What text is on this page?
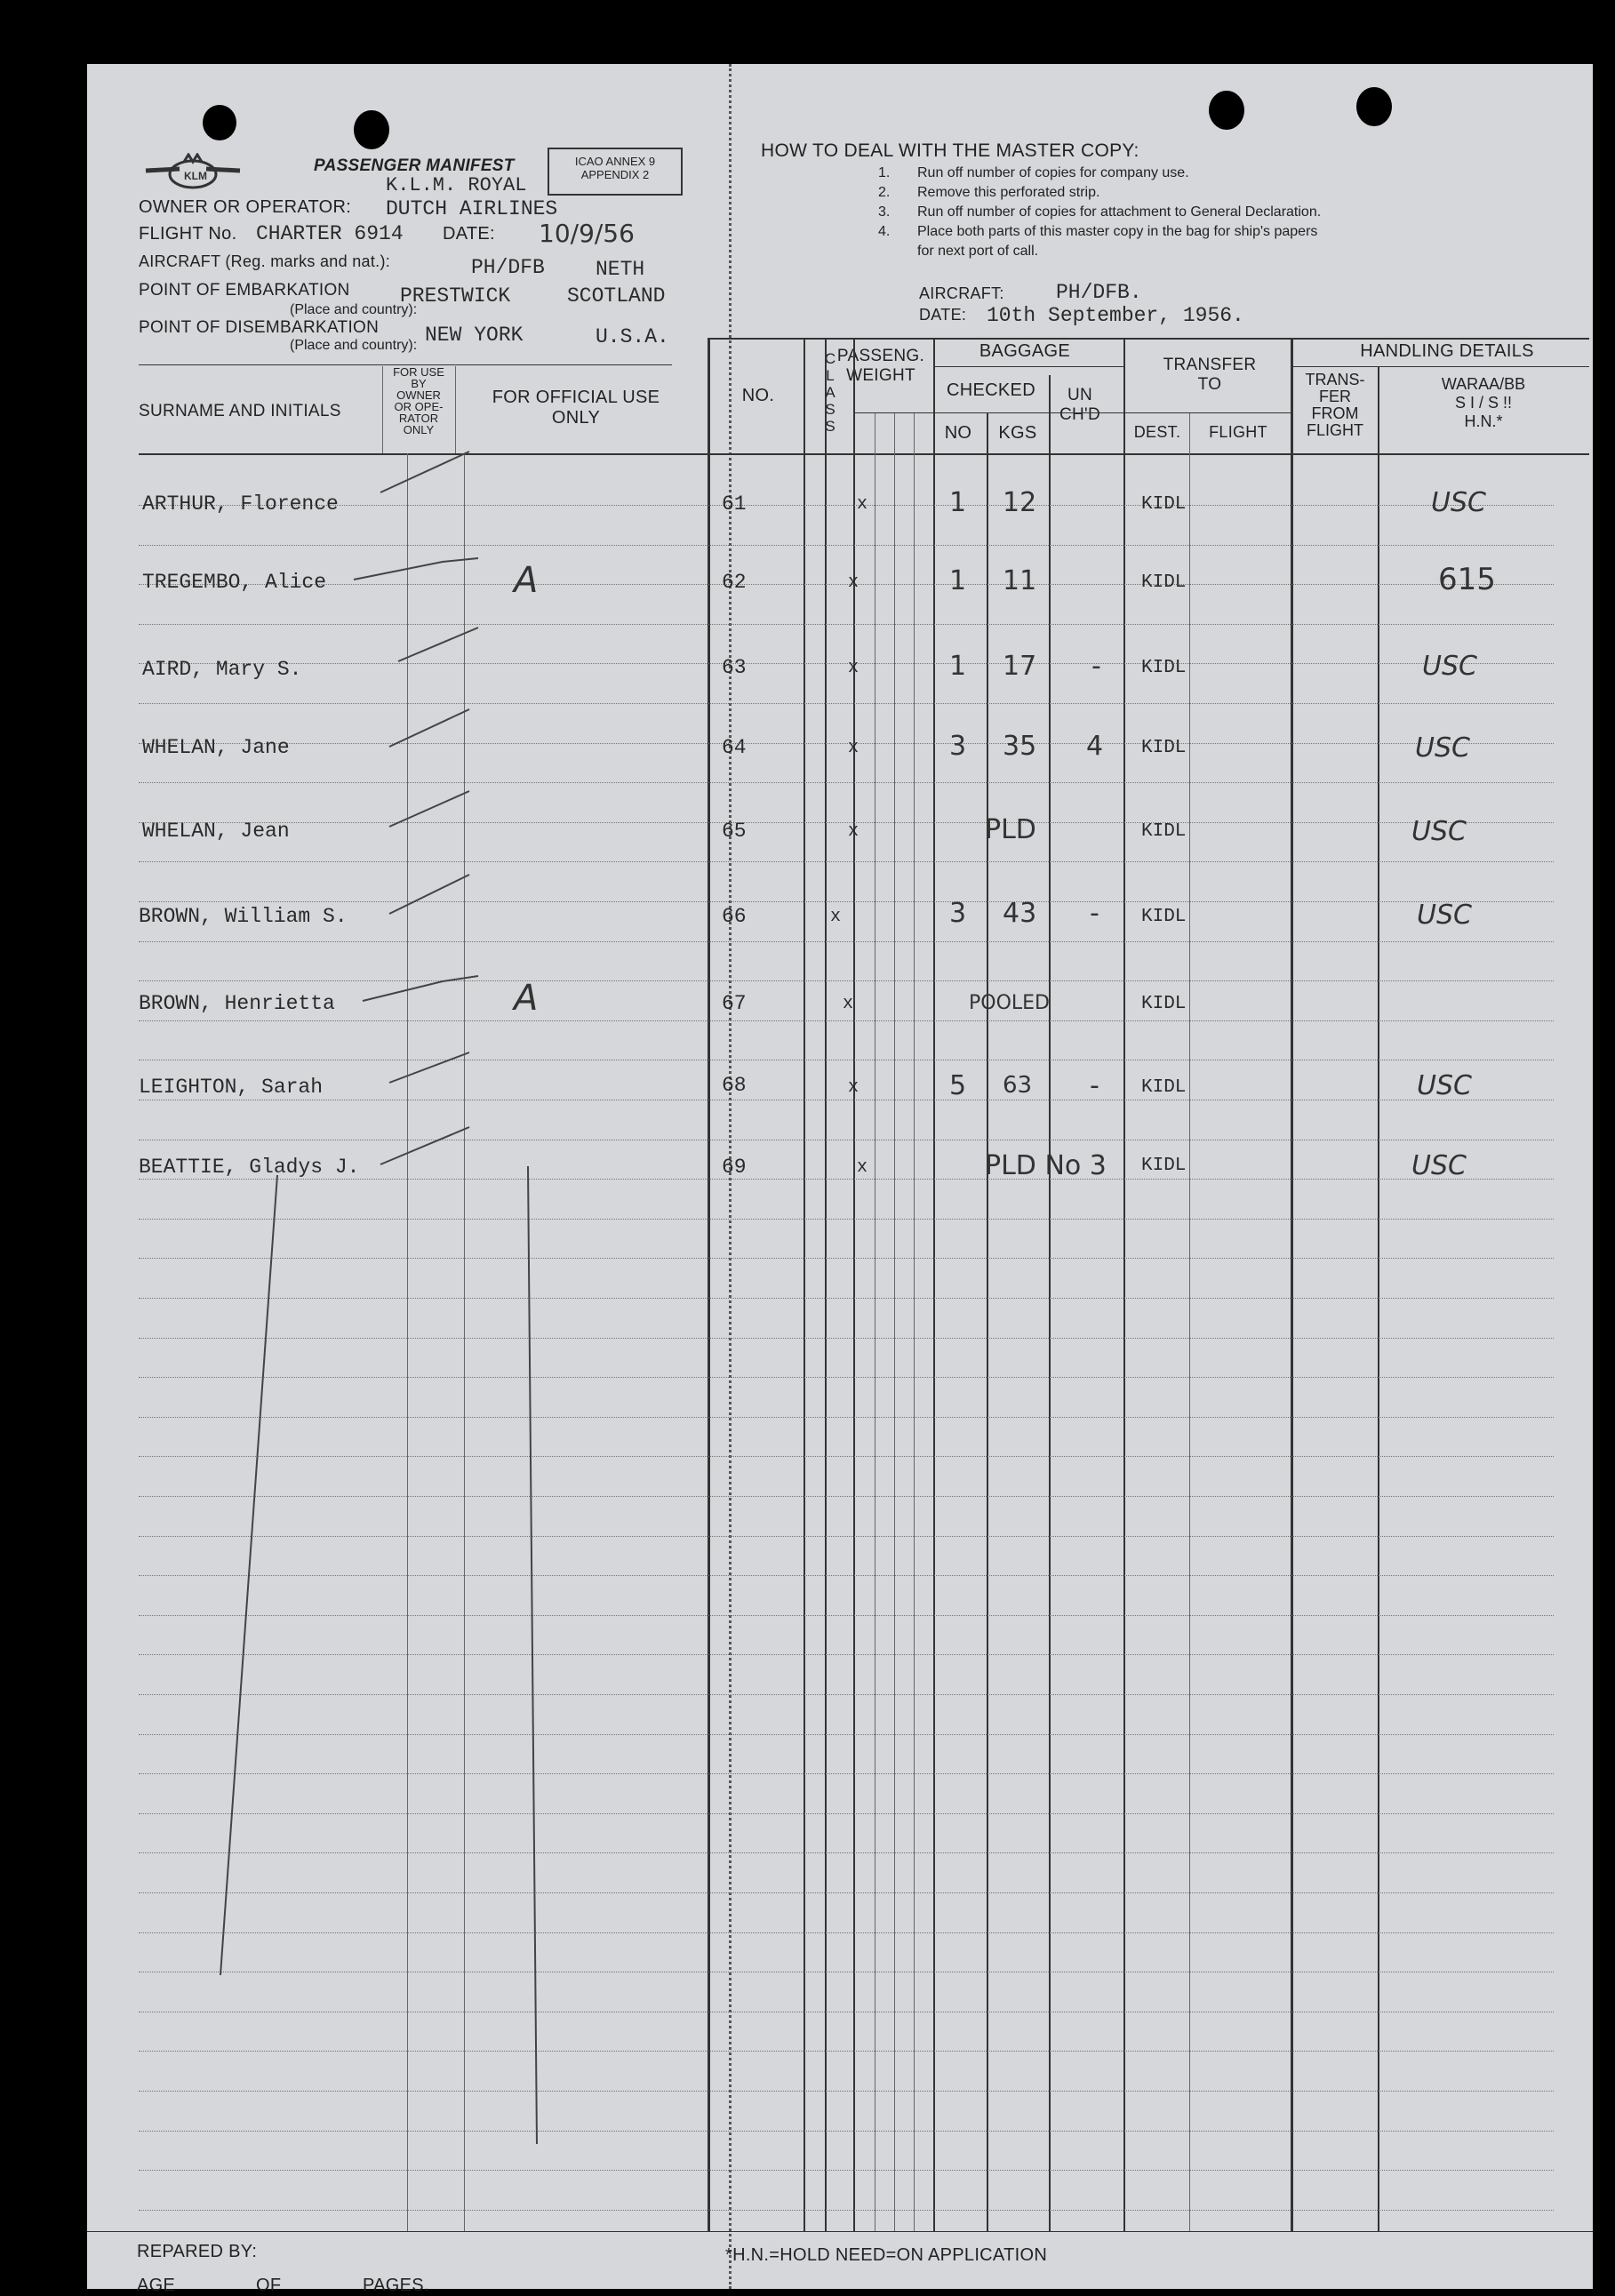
KLM
PASSENGER MANIFEST	ICAO ANNEX 9
APPENDIX 2
K.L.M. ROYAL
OWNER OR OPERATOR: DUTCH AIRLINES
FLIGHT No. CHARTER 6914 DATE: 10/9/56
AIRCRAFT (Reg. marks and nat.):	PH/DFB NETH
POINT OF EMBARKATION
(Place and country):
PRESTWICK	SCOTLAND
POINT OF DISEMBARKATION
(Place and country): NEW YORK	U.S.A.
HOW TO DEAL WITH THE MASTER COPY:
1. Run off number of copies for company use.
2. Remove this perforated strip.
3. Run off number of copies for attachment to General Declaration.
4. Place both parts of this master copy in the bag for ship's papers
for next port of call.
AIRCRAFT:	PH/DFB.
DATE: 10th September, 1956.
SURNAME AND INITIALS
FOR USE
BY
OWNER
OR OPE-
RATOR
ONLY
FOR OFFICIAL USE
ONLY
NO.
CLASS
PASSENG.
WEIGHT
BAGGAGE
CHECKED	UN
CH'D
NO	KGS
TRANSFER
TO
DEST.	FLIGHT
HANDLING DETAILS
TRANS-
FER
FROM
FLIGHT
WARAA/BB
S I / S !!
H.N.*
ARTHUR, Florence	61	x	1 12	KIDL	USC
TREGEMBO, Alice	A	62	x	1 11	KIDL	615
AIRD, Mary S.	63	x	1 17 - KIDL	USC
WHELAN, Jane	64	x	3 35 4 KIDL	USC
WHELAN, Jean	65	x	PLD	KIDL	USC
BROWN, William S.	66	x	3 43 - KIDL	USC
BROWN, Henrietta	A	67	x	POOLED	KIDL
LEIGHTON, Sarah	68	x	5 63 - KIDL	USC
BEATTIE, Gladys J.	69	x	PLD No 3 KIDL	USC
REPARED BY:
AGE	OF	PAGES.
*H.N.=HOLD NEED=ON APPLICATION
